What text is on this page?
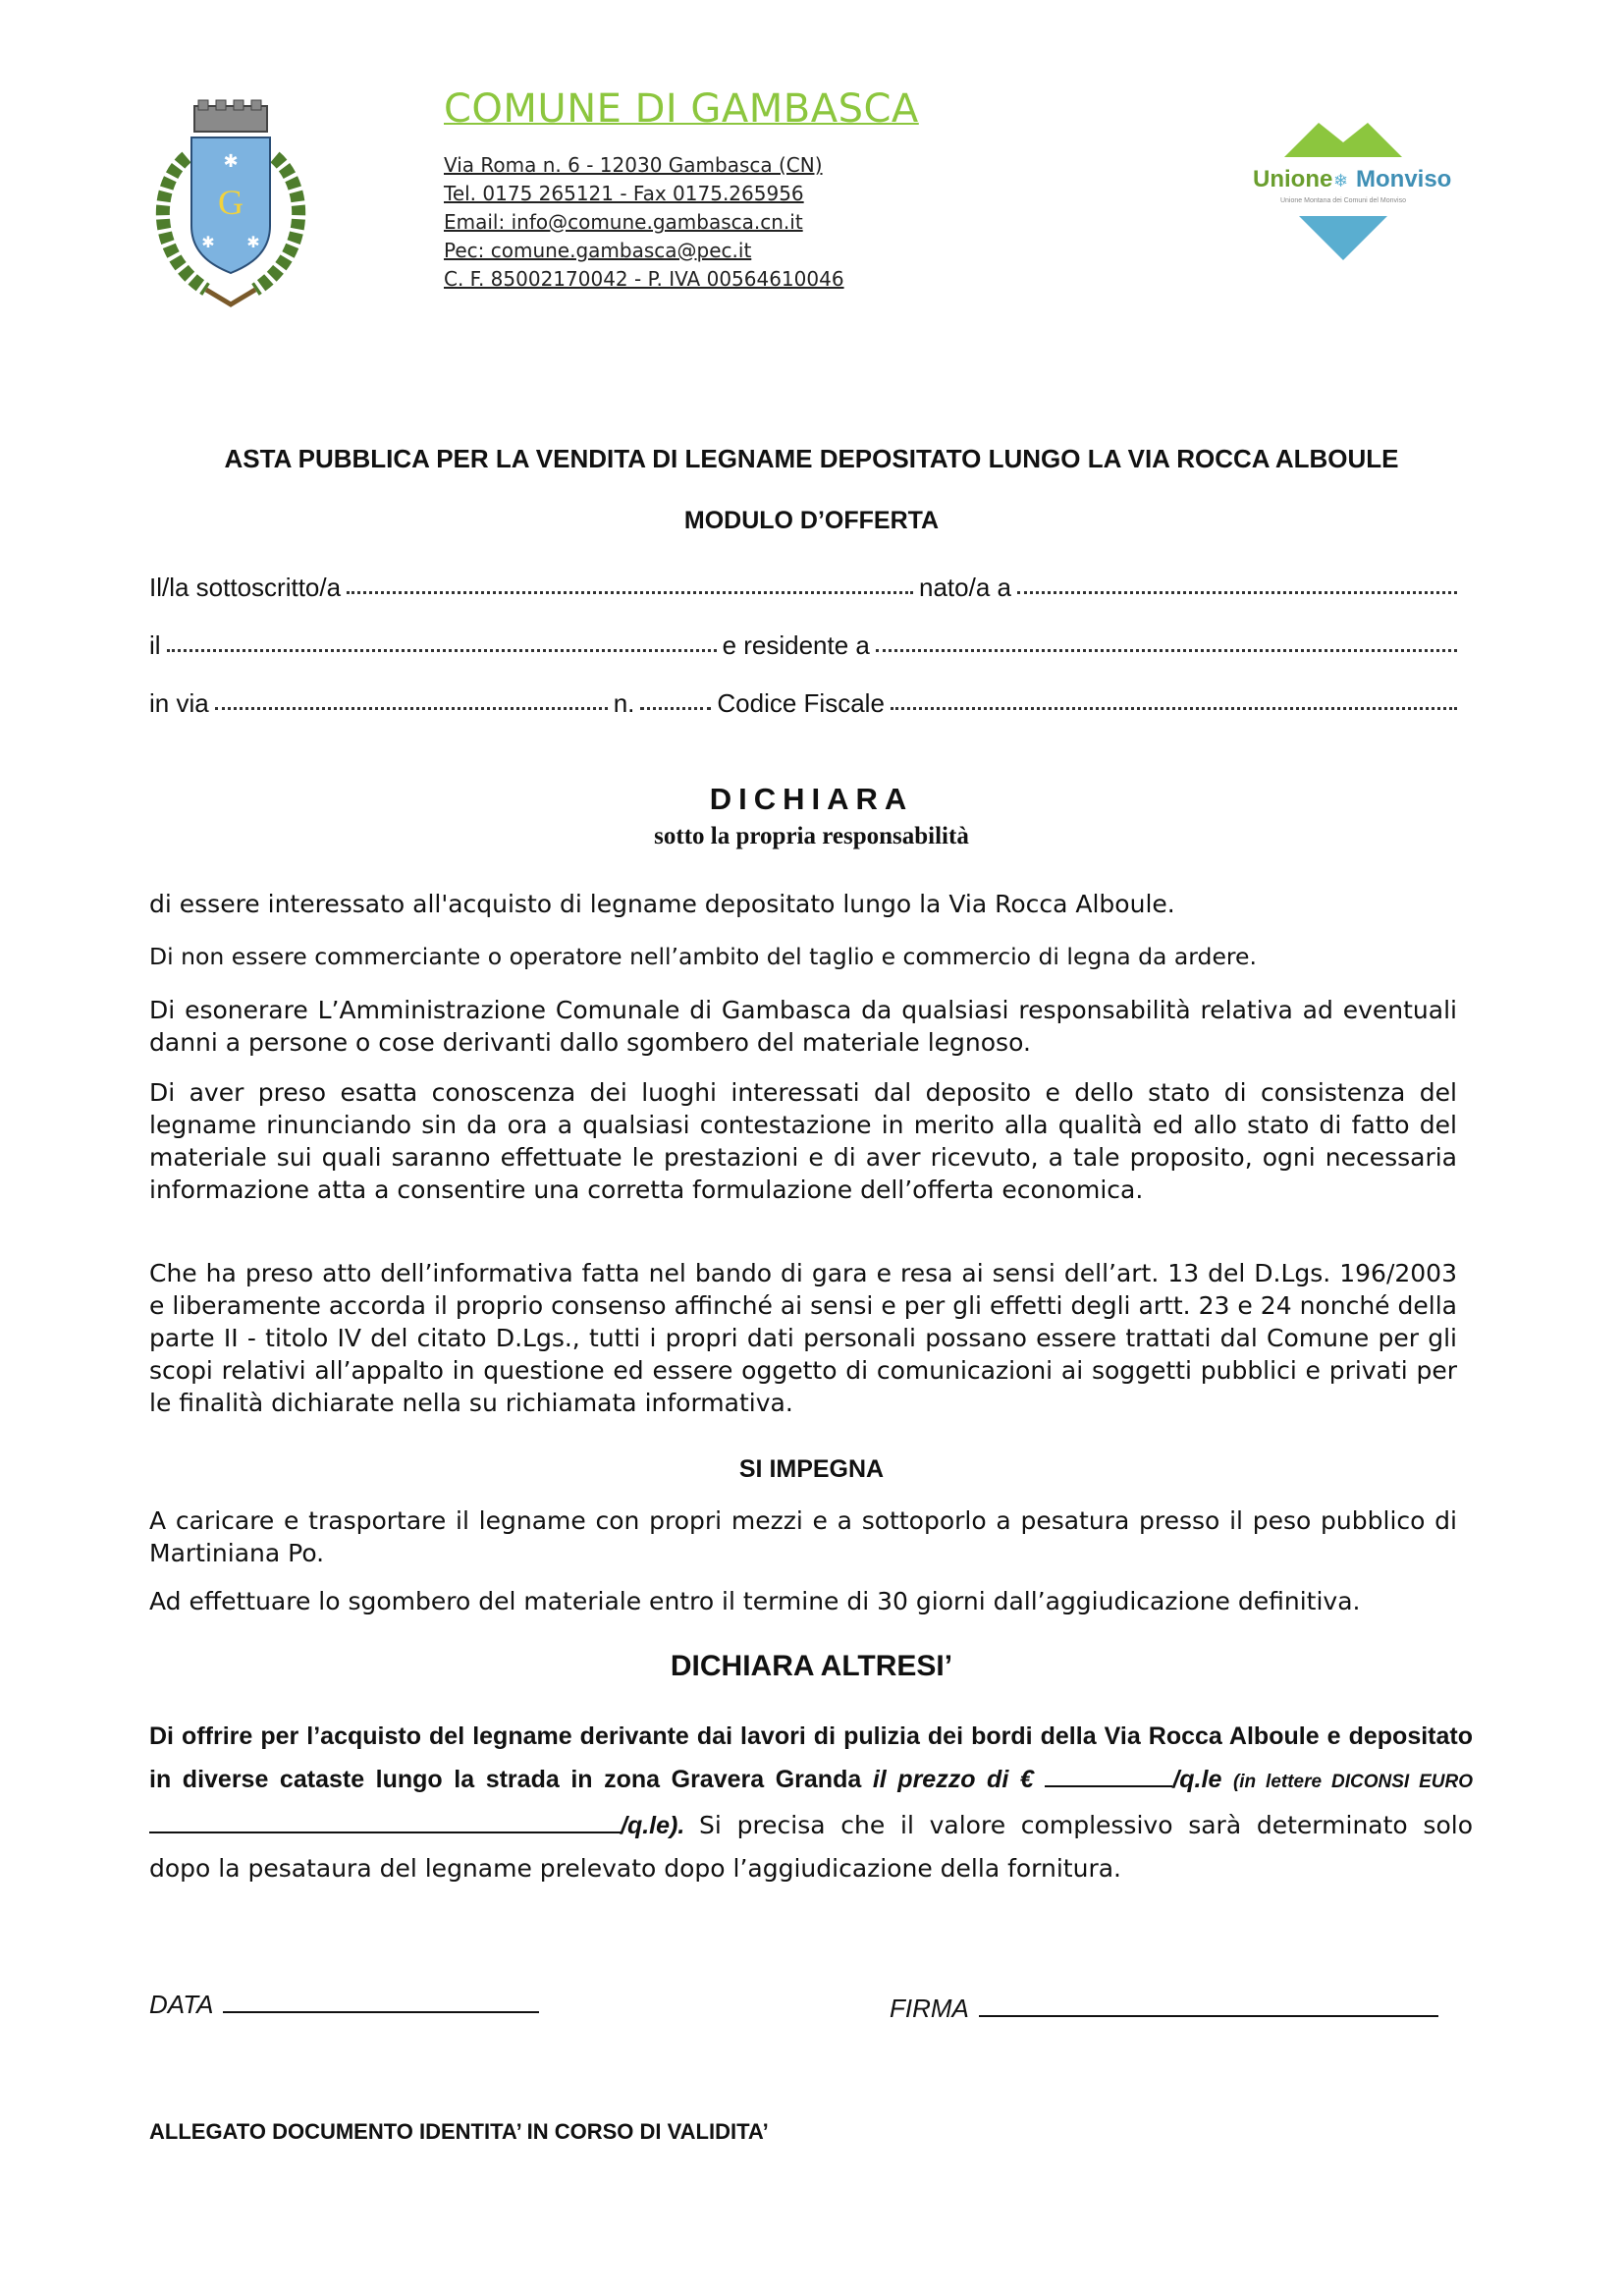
G
✱
✱ ✱
COMUNE DI GAMBASCA
Via Roma n. 6 - 12030 Gambasca (CN)
Tel. 0175 265121 - Fax 0175.265956
Email: info@comune.gambasca.cn.it
Pec: comune.gambasca@pec.it
C. F. 85002170042 - P. IVA 00564610046
Unione ❄ Monviso
Unione Montana dei Comuni del Monviso
ASTA PUBBLICA PER LA VENDITA DI LEGNAME DEPOSITATO LUNGO LA VIA ROCCA ALBOULE
MODULO D’OFFERTA
Il/la sottoscritto/a	nato/a a
il	e residente a
in via	n.	Codice Fiscale
DICHIARA
sotto la propria responsabilità
di essere interessato all'acquisto di legname depositato lungo la Via Rocca Alboule.
Di non essere commerciante o operatore nell’ambito del taglio e commercio di legna da ardere.
Di esonerare L’Amministrazione Comunale di Gambasca da qualsiasi responsabilità relativa ad eventuali danni a persone o cose derivanti dallo sgombero del materiale legnoso.
Di aver preso esatta conoscenza dei luoghi interessati dal deposito e dello stato di consistenza del legname rinunciando sin da ora a qualsiasi contestazione in merito alla qualità ed allo stato di fatto del materiale sui quali saranno effettuate le prestazioni e di aver ricevuto, a tale proposito, ogni necessaria informazione atta a consentire una corretta formulazione dell’offerta economica.
Che ha preso atto dell’informativa fatta nel bando di gara e resa ai sensi dell’art. 13 del D.Lgs. 196/2003 e liberamente accorda il proprio consenso affinché ai sensi e per gli effetti degli artt. 23 e 24 nonché della parte II - titolo IV del citato D.Lgs., tutti i propri dati personali possano essere trattati dal Comune per gli scopi relativi all’appalto in questione ed essere oggetto di comunicazioni ai soggetti pubblici e privati per le finalità dichiarate nella su richiamata informativa.
SI IMPEGNA
A caricare e trasportare il legname con propri mezzi e a sottoporlo a pesatura presso il peso pubblico di Martiniana Po.
Ad effettuare lo sgombero del materiale entro il termine di 30 giorni dall’aggiudicazione definitiva.
DICHIARA ALTRESI’
Di offrire per l’acquisto del legname derivante dai lavori di pulizia dei bordi della Via Rocca Alboule e depositato in diverse cataste lungo la strada in zona Gravera Granda il prezzo di €	/q.le (in lettere DICONSI EURO /q.le). Si precisa che il valore complessivo sarà determinato solo dopo la pesataura del legname prelevato dopo l’aggiudicazione della fornitura.
DATA	FIRMA
ALLEGATO DOCUMENTO IDENTITA’ IN CORSO DI VALIDITA’
